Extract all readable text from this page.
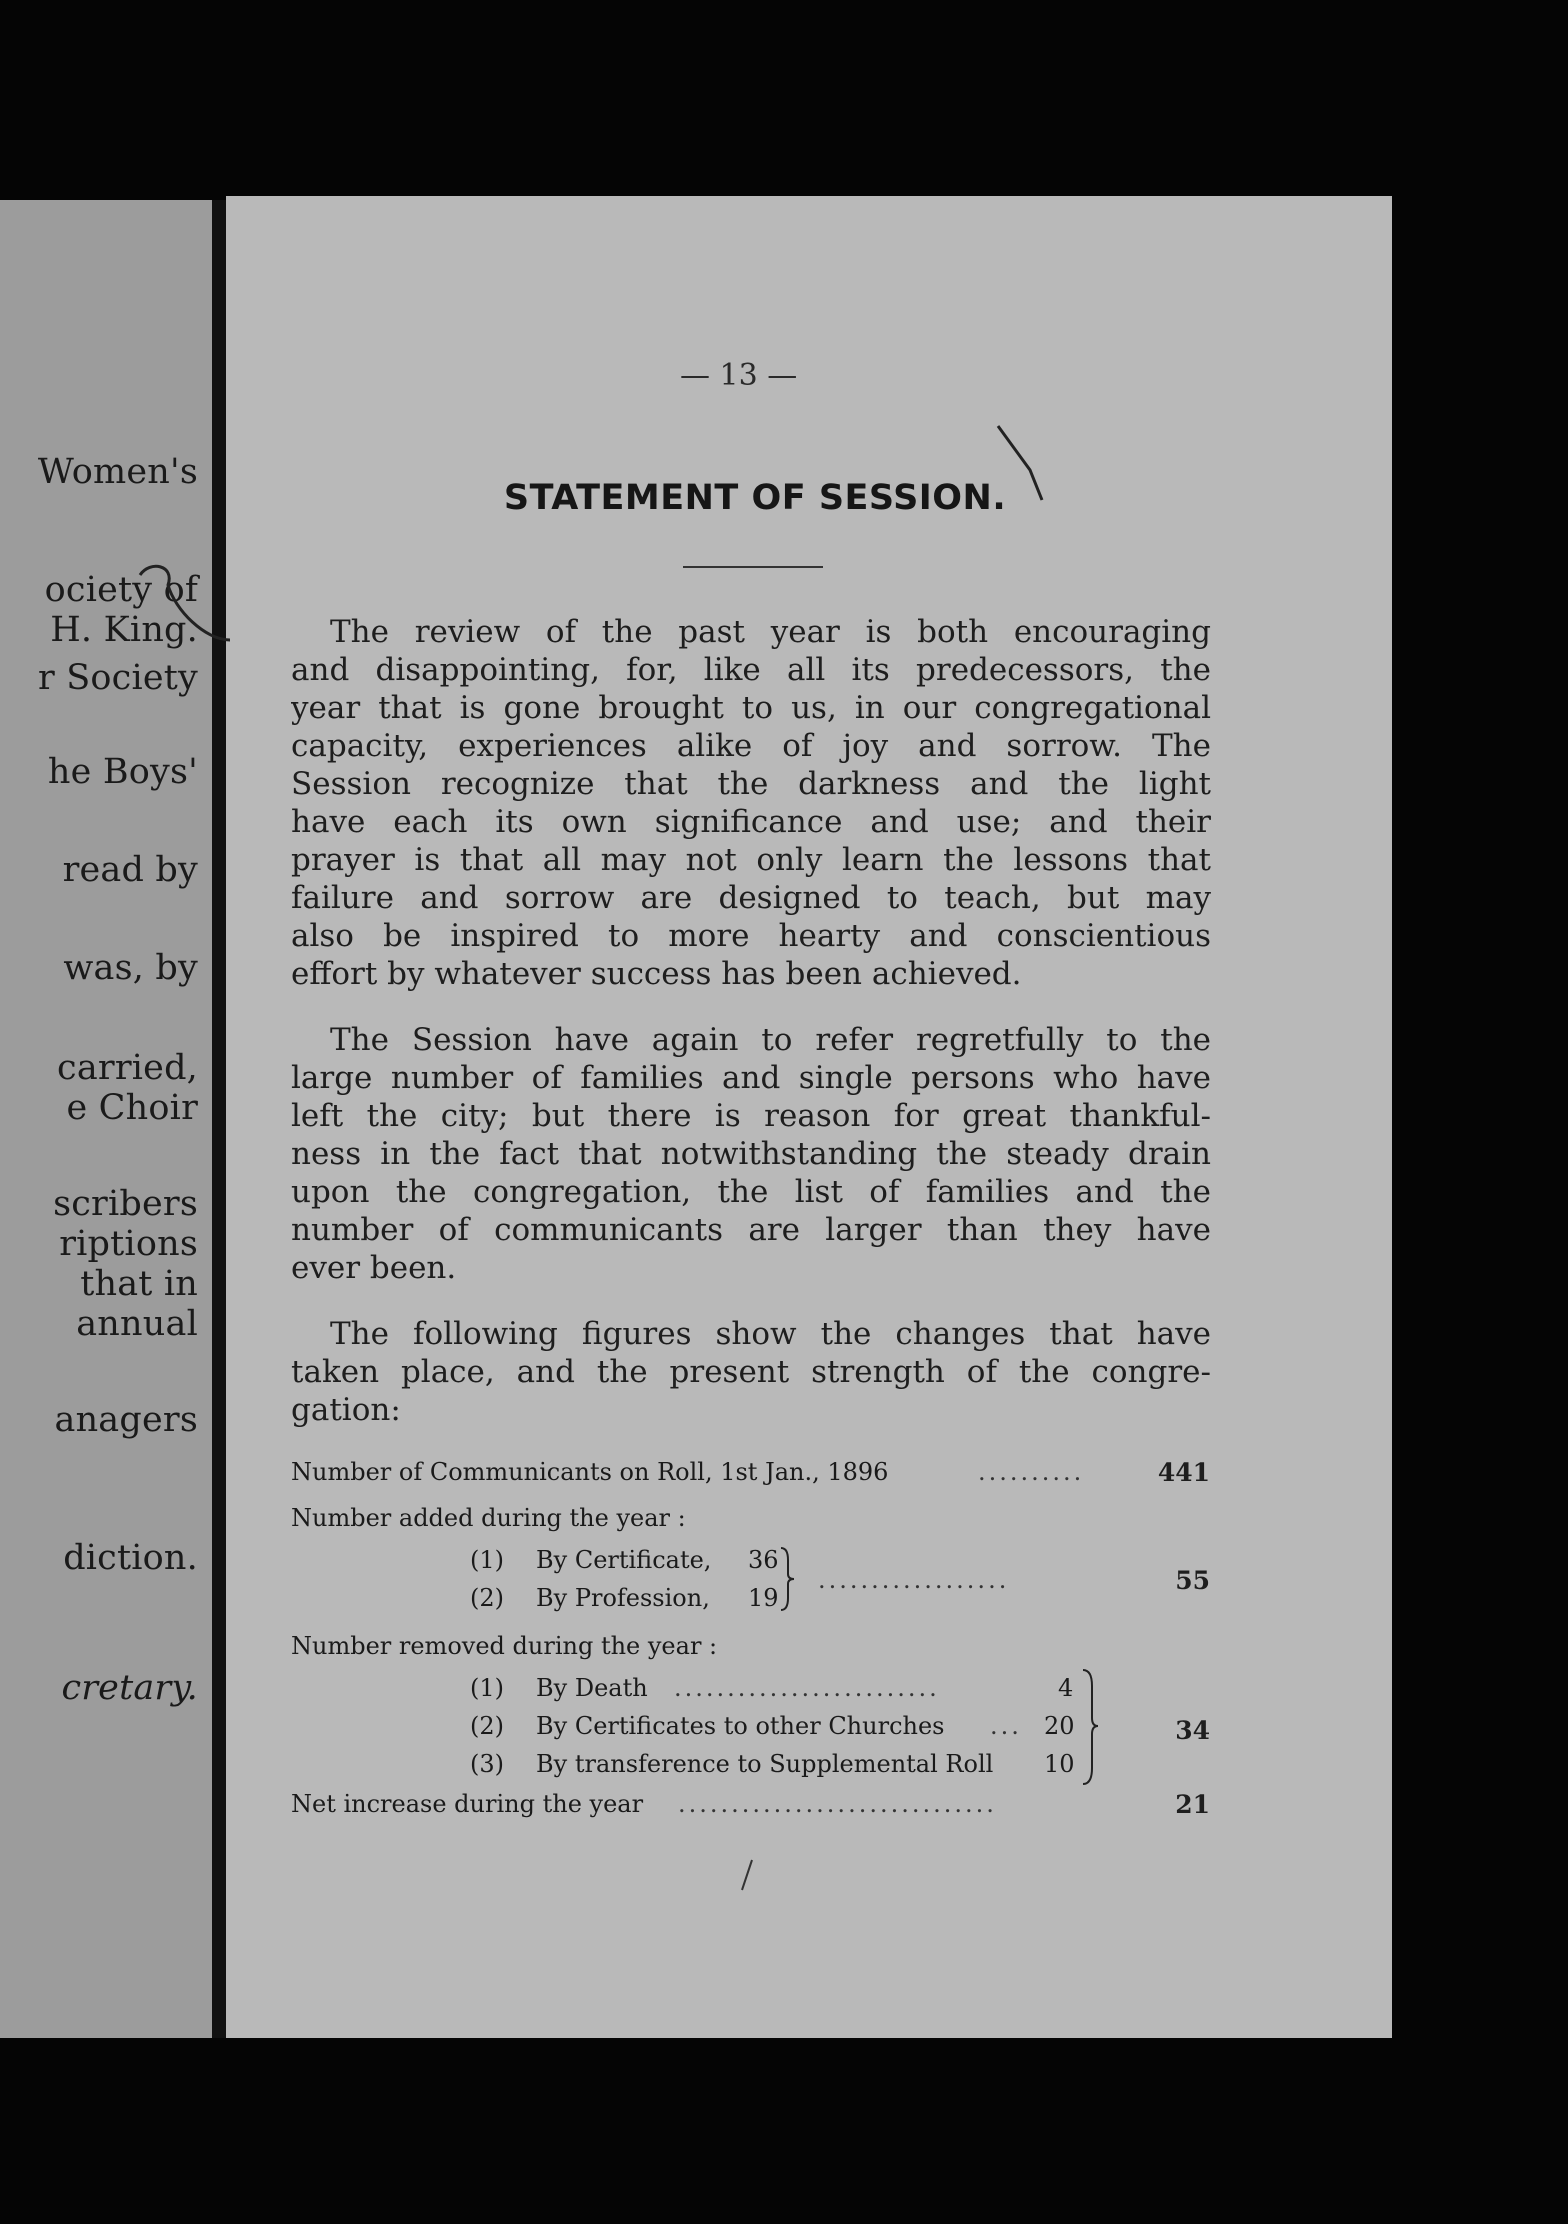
Women's
ociety of
H. King.
r Society
he Boys'
read by
was, by
carried,
e Choir
scribers
riptions
that in
annual
anagers
diction.
cretary.
— 13 —
STATEMENT OF SESSION.
The review of the past year is both encouraging
and disappointing, for, like all its predecessors, the
year that is gone brought to us, in our congregational
capacity, experiences alike of joy and sorrow. The
Session recognize that the darkness and the light
have each its own significance and use; and their
prayer is that all may not only learn the lessons that
failure and sorrow are designed to teach, but may
also be inspired to more hearty and conscientious
effort by whatever success has been achieved.
The Session have again to refer regretfully to the
large number of families and single persons who have
left the city; but there is reason for great thankful-
ness in the fact that notwithstanding the steady drain
upon the congregation, the list of families and the
number of communicants are larger than they have
ever been.
The following figures show the changes that have
taken place, and the present strength of the congre-
gation:
Number of Communicants on Roll, 1st Jan., 1896	..........	441
Number added during the year :
(1) By Certificate, 36
(2) By Profession, 19
..................	55
Number removed during the year :
(1) By Death .........................	4
(2) By Certificates to other Churches ... 20
(3) By transference to Supplemental Roll 10
34
Net increase during the year ..............................	21
